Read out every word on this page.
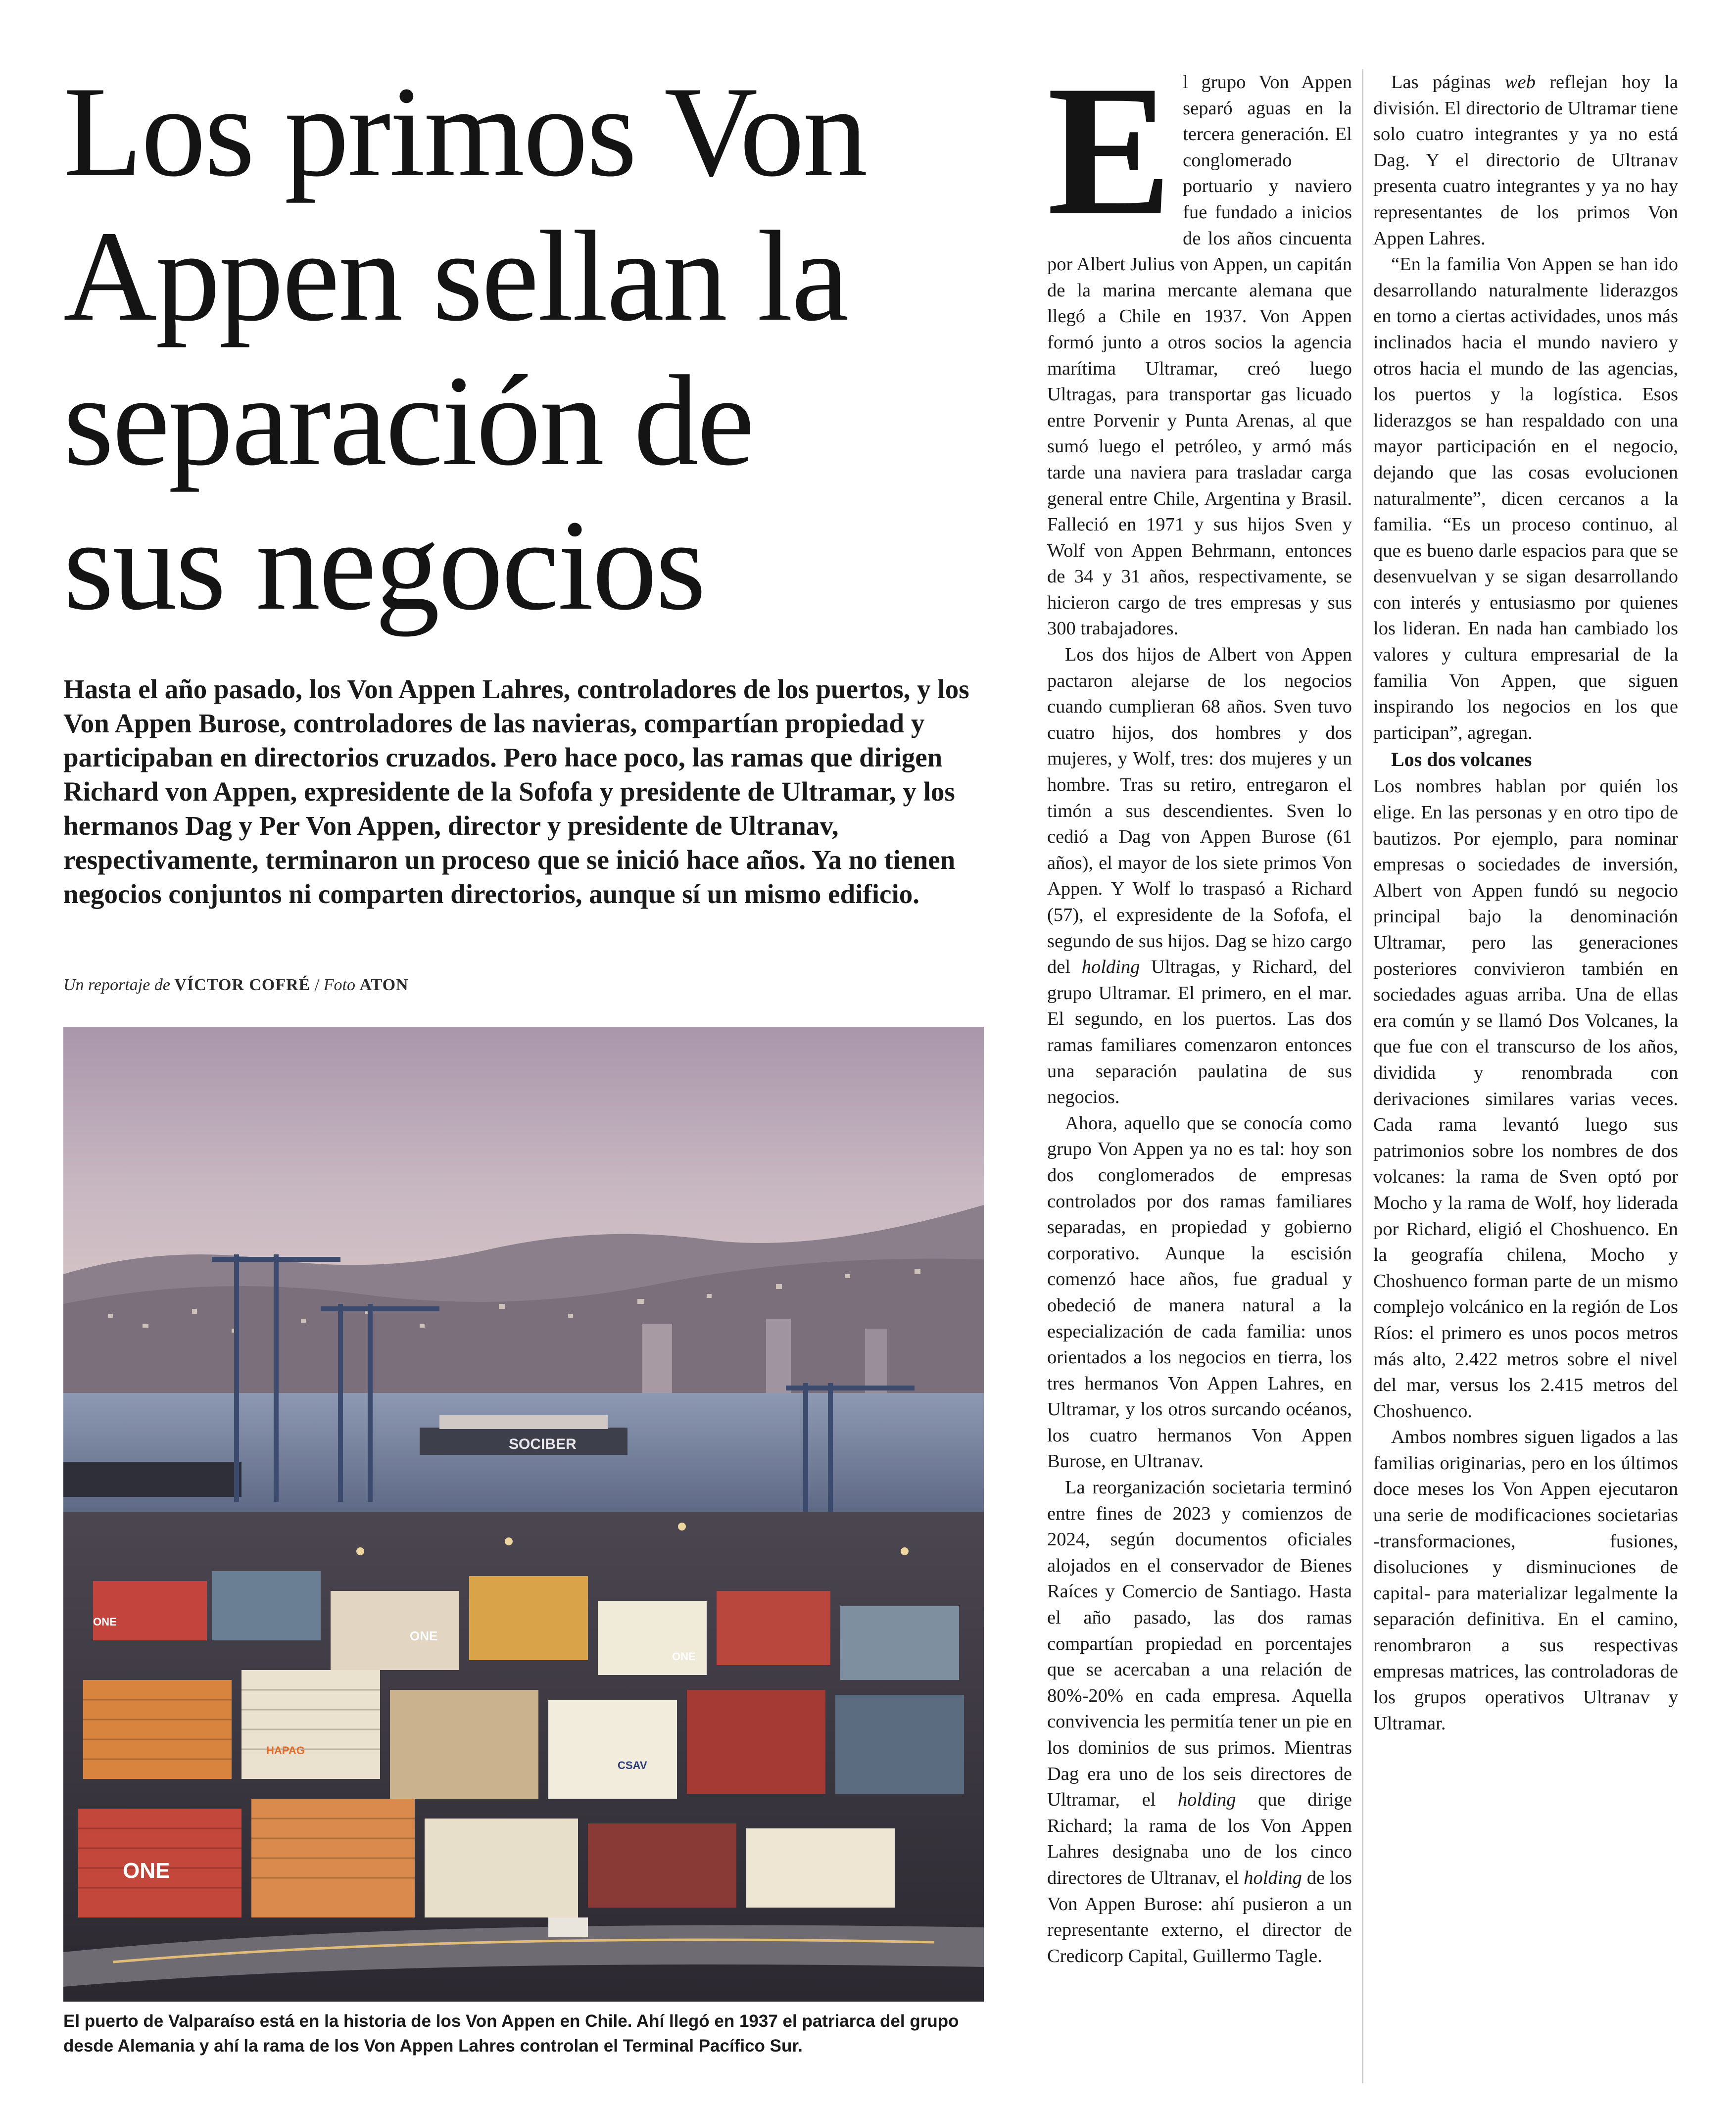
Los primos Von
Appen sellan la
separación de
sus negocios

Hasta el año pasado, los Von Appen Lahres, controladores de los puertos, y los Von Appen Burose, controladores de las navieras, compartían propiedad y participaban en directorios cruzados. Pero hace poco, las ramas que dirigen Richard von Appen, expresidente de la Sofofa y presidente de Ultramar, y los hermanos Dag y Per Von Appen, director y presidente de Ultranav, respectivamente, terminaron un proceso que se inició hace años. Ya no tienen negocios conjuntos ni comparten directorios, aunque sí un mismo edificio.

Un reportaje de VÍCTOR COFRÉ / Foto ATON
SOCIBER
ONE
ONE
ONE
CSAV
HAPAG
ONE

El puerto de Valparaíso está en la historia de los Von Appen en Chile. Ahí llegó en 1937 el patriarca del grupo desde Alemania y ahí la rama de los Von Appen Lahres controlan el Terminal Pacífico Sur.

El grupo Von Appen separó aguas en la tercera generación. El conglomerado portuario y naviero fue fundado a inicios de los años cincuenta por Albert Julius von Appen, un capitán de la marina mercante alemana que llegó a Chile en 1937. Von Appen formó junto a otros socios la agencia marítima Ultramar, creó luego Ultragas, para transportar gas licuado entre Porvenir y Punta Arenas, al que sumó luego el petróleo, y armó más tarde una naviera para trasladar carga general entre Chile, Argentina y Brasil. Falleció en 1971 y sus hijos Sven y Wolf von Appen Behrmann, entonces de 34 y 31 años, respectivamente, se hicieron cargo de tres empresas y sus 300 trabajadores.

Los dos hijos de Albert von Appen pactaron alejarse de los negocios cuando cumplieran 68 años. Sven tuvo cuatro hijos, dos hombres y dos mujeres, y Wolf, tres: dos mujeres y un hombre. Tras su retiro, entregaron el timón a sus descendientes. Sven lo cedió a Dag von Appen Burose (61 años), el mayor de los siete primos Von Appen. Y Wolf lo traspasó a Richard (57), el expresidente de la Sofofa, el segundo de sus hijos. Dag se hizo cargo del holding Ultragas, y Richard, del grupo Ultramar. El primero, en el mar. El segundo, en los puertos. Las dos ramas familiares comenzaron entonces una separación paulatina de sus negocios.

Ahora, aquello que se conocía como grupo Von Appen ya no es tal: hoy son dos conglomerados de empresas controlados por dos ramas familiares separadas, en propiedad y gobierno corporativo. Aunque la escisión comenzó hace años, fue gradual y obedeció de manera natural a la especialización de cada familia: unos orientados a los negocios en tierra, los tres hermanos Von Appen Lahres, en Ultramar, y los otros surcando océanos, los cuatro hermanos Von Appen Burose, en Ultranav.

La reorganización societaria terminó entre fines de 2023 y comienzos de 2024, según documentos oficiales alojados en el conservador de Bienes Raíces y Comercio de Santiago. Hasta el año pasado, las dos ramas compartían propiedad en porcentajes que se acercaban a una relación de 80%-20% en cada empresa. Aquella convivencia les permitía tener un pie en los dominios de sus primos. Mientras Dag era uno de los seis directores de Ultramar, el holding que dirige Richard; la rama de los Von Appen Lahres designaba uno de los cinco directores de Ultranav, el holding de los Von Appen Burose: ahí pusieron a un representante externo, el director de Credicorp Capital, Guillermo Tagle.

Las páginas web reflejan hoy la división. El directorio de Ultramar tiene solo cuatro integrantes y ya no está Dag. Y el directorio de Ultranav presenta cuatro integrantes y ya no hay representantes de los primos Von Appen Lahres.

“En la familia Von Appen se han ido desarrollando naturalmente liderazgos en torno a ciertas actividades, unos más inclinados hacia el mundo naviero y otros hacia el mundo de las agencias, los puertos y la logística. Esos liderazgos se han respaldado con una mayor participación en el negocio, dejando que las cosas evolucionen naturalmente”, dicen cercanos a la familia. “Es un proceso continuo, al que es bueno darle espacios para que se desenvuelvan y se sigan desarrollando con interés y entusiasmo por quienes los lideran. En nada han cambiado los valores y cultura empresarial de la familia Von Appen, que siguen inspirando los negocios en los que participan”, agregan.

Los dos volcanes

Los nombres hablan por quién los elige. En las personas y en otro tipo de bautizos. Por ejemplo, para nominar empresas o sociedades de inversión, Albert von Appen fundó su negocio principal bajo la denominación Ultramar, pero las generaciones posteriores convivieron también en sociedades aguas arriba. Una de ellas era común y se llamó Dos Volcanes, la que fue con el transcurso de los años, dividida y renombrada con derivaciones similares varias veces. Cada rama levantó luego sus patrimonios sobre los nombres de dos volcanes: la rama de Sven optó por Mocho y la rama de Wolf, hoy liderada por Richard, eligió el Choshuenco. En la geografía chilena, Mocho y Choshuenco forman parte de un mismo complejo volcánico en la región de Los Ríos: el primero es unos pocos metros más alto, 2.422 metros sobre el nivel del mar, versus los 2.415 metros del Choshuenco.

Ambos nombres siguen ligados a las familias originarias, pero en los últimos doce meses los Von Appen ejecutaron una serie de modificaciones societarias -transformaciones, fusiones, disoluciones y disminuciones de capital- para materializar legalmente la separación definitiva. En el camino, renombraron a sus respectivas empresas matrices, las controladoras de los grupos operativos Ultranav y Ultramar.
